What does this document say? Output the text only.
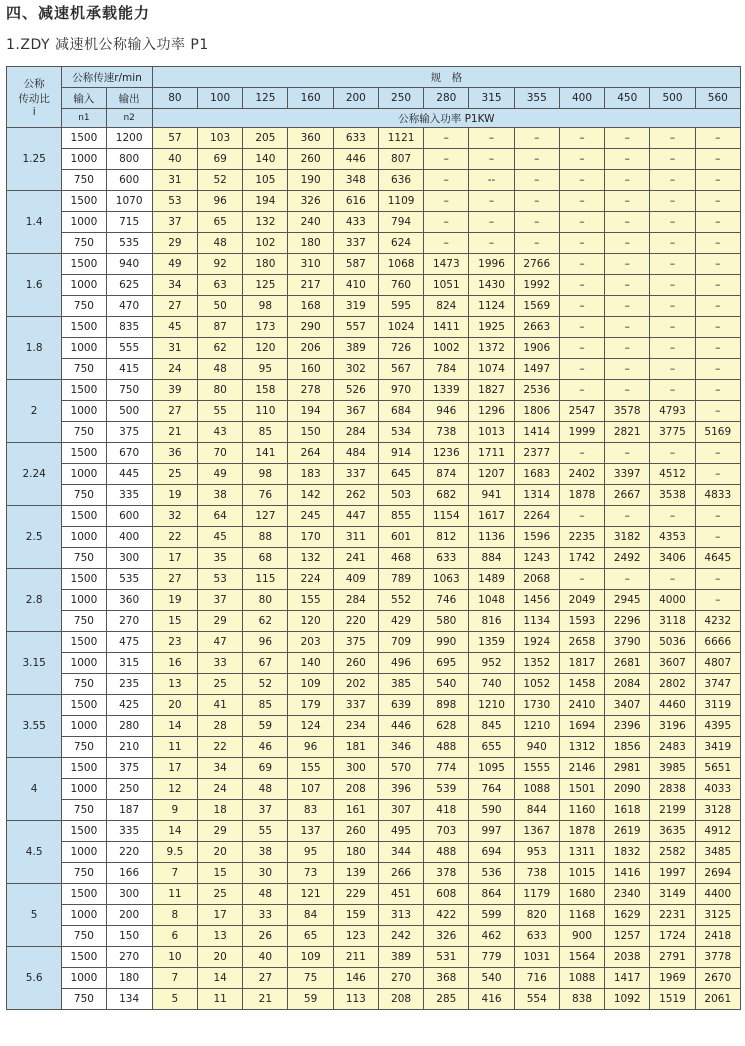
四、减速机承载能力
1.ZDY 减速机公称输入功率 P1
公称
传动比
i	公称传速r/min		规　格												
	输入	输出	80	100	125	160	200	250	280	315	355	400	450	500	560
	n1	n2	公称输入功率 P1KW												
1.25	1500	1200	57	103	205	360	633	1121	–	–	–	–	–	–	–
	1000	800	40	69	140	260	446	807	–	–	–	–	–	–	–
	750	600	31	52	105	190	348	636	–	--	–	–	–	–	–
1.4	1500	1070	53	96	194	326	616	1109	–	–	–	–	–	–	–
	1000	715	37	65	132	240	433	794	–	–	–	–	–	–	–
	750	535	29	48	102	180	337	624	–	–	–	–	–	–	–
1.6	1500	940	49	92	180	310	587	1068	1473	1996	2766	–	–	–	–
	1000	625	34	63	125	217	410	760	1051	1430	1992	–	–	–	–
	750	470	27	50	98	168	319	595	824	1124	1569	–	–	–	–
1.8	1500	835	45	87	173	290	557	1024	1411	1925	2663	–	–	–	–
	1000	555	31	62	120	206	389	726	1002	1372	1906	–	–	–	–
	750	415	24	48	95	160	302	567	784	1074	1497	–	–	–	–
2	1500	750	39	80	158	278	526	970	1339	1827	2536	–	–	–	–
	1000	500	27	55	110	194	367	684	946	1296	1806	2547	3578	4793	–
	750	375	21	43	85	150	284	534	738	1013	1414	1999	2821	3775	5169
2.24	1500	670	36	70	141	264	484	914	1236	1711	2377	–	–	–	–
	1000	445	25	49	98	183	337	645	874	1207	1683	2402	3397	4512	–
	750	335	19	38	76	142	262	503	682	941	1314	1878	2667	3538	4833
2.5	1500	600	32	64	127	245	447	855	1154	1617	2264	–	–	–	–
	1000	400	22	45	88	170	311	601	812	1136	1596	2235	3182	4353	–
	750	300	17	35	68	132	241	468	633	884	1243	1742	2492	3406	4645
2.8	1500	535	27	53	115	224	409	789	1063	1489	2068	–	–	–	–
	1000	360	19	37	80	155	284	552	746	1048	1456	2049	2945	4000	–
	750	270	15	29	62	120	220	429	580	816	1134	1593	2296	3118	4232
3.15	1500	475	23	47	96	203	375	709	990	1359	1924	2658	3790	5036	6666
	1000	315	16	33	67	140	260	496	695	952	1352	1817	2681	3607	4807
	750	235	13	25	52	109	202	385	540	740	1052	1458	2084	2802	3747
3.55	1500	425	20	41	85	179	337	639	898	1210	1730	2410	3407	4460	3119
	1000	280	14	28	59	124	234	446	628	845	1210	1694	2396	3196	4395
	750	210	11	22	46	96	181	346	488	655	940	1312	1856	2483	3419
4	1500	375	17	34	69	155	300	570	774	1095	1555	2146	2981	3985	5651
	1000	250	12	24	48	107	208	396	539	764	1088	1501	2090	2838	4033
	750	187	9	18	37	83	161	307	418	590	844	1160	1618	2199	3128
4.5	1500	335	14	29	55	137	260	495	703	997	1367	1878	2619	3635	4912
	1000	220	9.5	20	38	95	180	344	488	694	953	1311	1832	2582	3485
	750	166	7	15	30	73	139	266	378	536	738	1015	1416	1997	2694
5	1500	300	11	25	48	121	229	451	608	864	1179	1680	2340	3149	4400
	1000	200	8	17	33	84	159	313	422	599	820	1168	1629	2231	3125
	750	150	6	13	26	65	123	242	326	462	633	900	1257	1724	2418
5.6	1500	270	10	20	40	109	211	389	531	779	1031	1564	2038	2791	3778
	1000	180	7	14	27	75	146	270	368	540	716	1088	1417	1969	2670
	750	134	5	11	21	59	113	208	285	416	554	838	1092	1519	2061
